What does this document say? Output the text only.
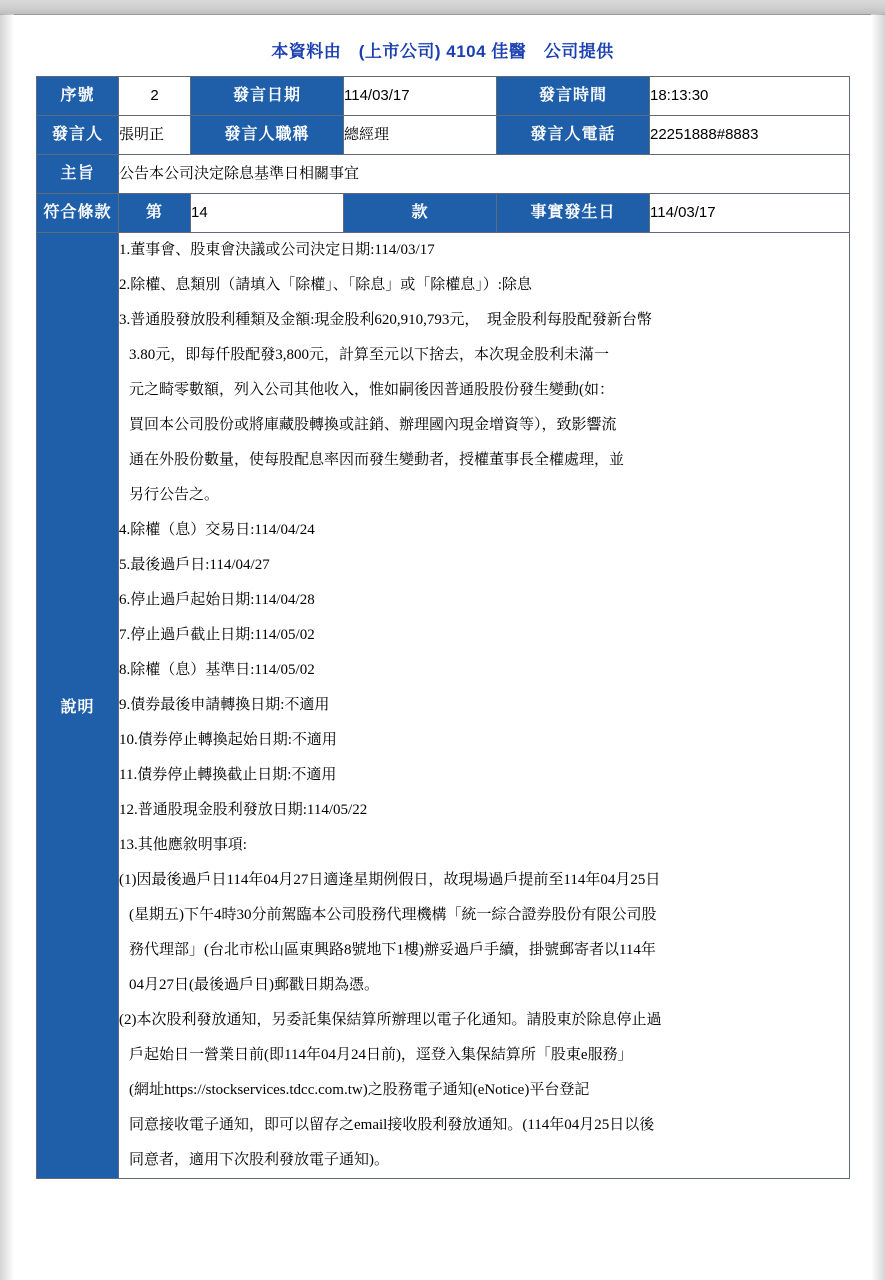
本資料由　(上市公司) 4104 佳醫　公司提供
序號	2	發言日期	114/03/17	發言時間	18:13:30
發言人	張明正	發言人職稱	總經理	發言人電話	22251888#8883
主旨	公告本公司決定除息基準日相關事宜				
符合條款	第	14	款	事實發生日	114/03/17
說明	
1.董事會、股東會決議或公司決定日期:114/03/17
2.除權、息類別（請填入「除權」、「除息」或「除權息」）:除息
3.普通股發放股利種類及金額:現金股利620,910,793元，  現金股利每股配發新台幣
3.80元，即每仟股配發3,800元，計算至元以下捨去，本次現金股利未滿一
元之畸零數額，列入公司其他收入，惟如嗣後因普通股股份發生變動(如：
買回本公司股份或將庫藏股轉換或註銷、辦理國內現金增資等），致影響流
通在外股份數量，使每股配息率因而發生變動者，授權董事長全權處理，並
另行公告之。
4.除權（息）交易日:114/04/24
5.最後過戶日:114/04/27
6.停止過戶起始日期:114/04/28
7.停止過戶截止日期:114/05/02
8.除權（息）基準日:114/05/02
9.債券最後申請轉換日期:不適用
10.債券停止轉換起始日期:不適用
11.債券停止轉換截止日期:不適用
12.普通股現金股利發放日期:114/05/22
13.其他應敘明事項:
(1)因最後過戶日114年04月27日適逢星期例假日，故現場過戶提前至114年04月25日
(星期五)下午4時30分前駕臨本公司股務代理機構「統一綜合證券股份有限公司股
務代理部」(台北市松山區東興路8號地下1樓)辦妥過戶手續，掛號郵寄者以114年
04月27日(最後過戶日)郵戳日期為憑。
(2)本次股利發放通知，另委託集保結算所辦理以電子化通知。請股東於除息停止過
戶起始日一營業日前(即114年04月24日前)，逕登入集保結算所「股東e服務」
(網址https://stockservices.tdcc.com.tw)之股務電子通知(eNotice)平台登記
同意接收電子通知，即可以留存之email接收股利發放通知。(114年04月25日以後
同意者，適用下次股利發放電子通知)。
